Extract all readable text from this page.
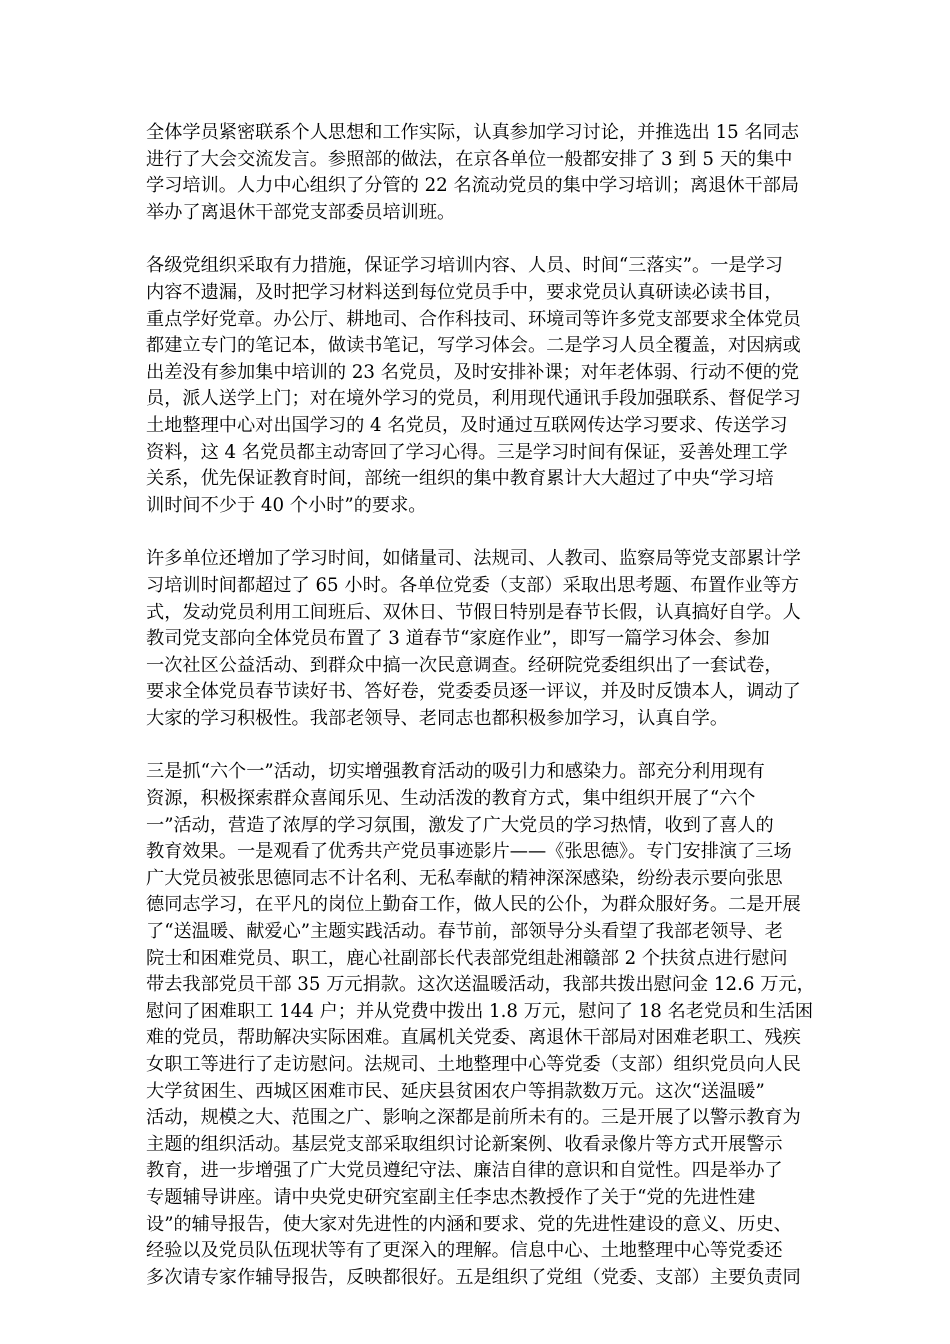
全体学员紧密联系个人思想和工作实际，认真参加学习讨论，并推选出 15 名同志
进行了大会交流发言。参照部的做法，在京各单位一般都安排了 3 到 5 天的集中
学习培训。人力中心组织了分管的 22 名流动党员的集中学习培训；离退休干部局
举办了离退休干部党支部委员培训班。

各级党组织采取有力措施，保证学习培训内容、人员、时间“三落实”。一是学习
内容不遗漏，及时把学习材料送到每位党员手中，要求党员认真研读必读书目，
重点学好党章。办公厅、耕地司、合作科技司、环境司等许多党支部要求全体党员
都建立专门的笔记本，做读书笔记，写学习体会。二是学习人员全覆盖，对因病或
出差没有参加集中培训的 23 名党员，及时安排补课；对年老体弱、行动不便的党
员，派人送学上门；对在境外学习的党员，利用现代通讯手段加强联系、督促学习
土地整理中心对出国学习的 4 名党员，及时通过互联网传达学习要求、传送学习
资料，这 4 名党员都主动寄回了学习心得。三是学习时间有保证，妥善处理工学
关系，优先保证教育时间，部统一组织的集中教育累计大大超过了中央“学习培
训时间不少于 40 个小时”的要求。

许多单位还增加了学习时间，如储量司、法规司、人教司、监察局等党支部累计学
习培训时间都超过了 65 小时。各单位党委（支部）采取出思考题、布置作业等方
式，发动党员利用工间班后、双休日、节假日特别是春节长假，认真搞好自学。人
教司党支部向全体党员布置了 3 道春节“家庭作业”，即写一篇学习体会、参加
一次社区公益活动、到群众中搞一次民意调查。经研院党委组织出了一套试卷，
要求全体党员春节读好书、答好卷，党委委员逐一评议，并及时反馈本人，调动了
大家的学习积极性。我部老领导、老同志也都积极参加学习，认真自学。

三是抓“六个一”活动，切实增强教育活动的吸引力和感染力。部充分利用现有
资源，积极探索群众喜闻乐见、生动活泼的教育方式，集中组织开展了“六个
一”活动，营造了浓厚的学习氛围，激发了广大党员的学习热情，收到了喜人的
教育效果。一是观看了优秀共产党员事迹影片——《张思德》。专门安排演了三场
广大党员被张思德同志不计名利、无私奉献的精神深深感染，纷纷表示要向张思
德同志学习，在平凡的岗位上勤奋工作，做人民的公仆，为群众服好务。二是开展
了“送温暖、献爱心”主题实践活动。春节前，部领导分头看望了我部老领导、老
院士和困难党员、职工，鹿心社副部长代表部党组赴湘赣部 2 个扶贫点进行慰问
带去我部党员干部 35 万元捐款。这次送温暖活动，我部共拨出慰问金 12.6 万元，
慰问了困难职工 144 户；并从党费中拨出 1.8 万元，慰问了 18 名老党员和生活困
难的党员，帮助解决实际困难。直属机关党委、离退休干部局对困难老职工、残疾
女职工等进行了走访慰问。法规司、土地整理中心等党委（支部）组织党员向人民
大学贫困生、西城区困难市民、延庆县贫困农户等捐款数万元。这次“送温暖”
活动，规模之大、范围之广、影响之深都是前所未有的。三是开展了以警示教育为
主题的组织活动。基层党支部采取组织讨论新案例、收看录像片等方式开展警示
教育，进一步增强了广大党员遵纪守法、廉洁自律的意识和自觉性。四是举办了
专题辅导讲座。请中央党史研究室副主任李忠杰教授作了关于“党的先进性建
设”的辅导报告，使大家对先进性的内涵和要求、党的先进性建设的意义、历史、
经验以及党员队伍现状等有了更深入的理解。信息中心、土地整理中心等党委还
多次请专家作辅导报告，反映都很好。五是组织了党组（党委、支部）主要负责同
